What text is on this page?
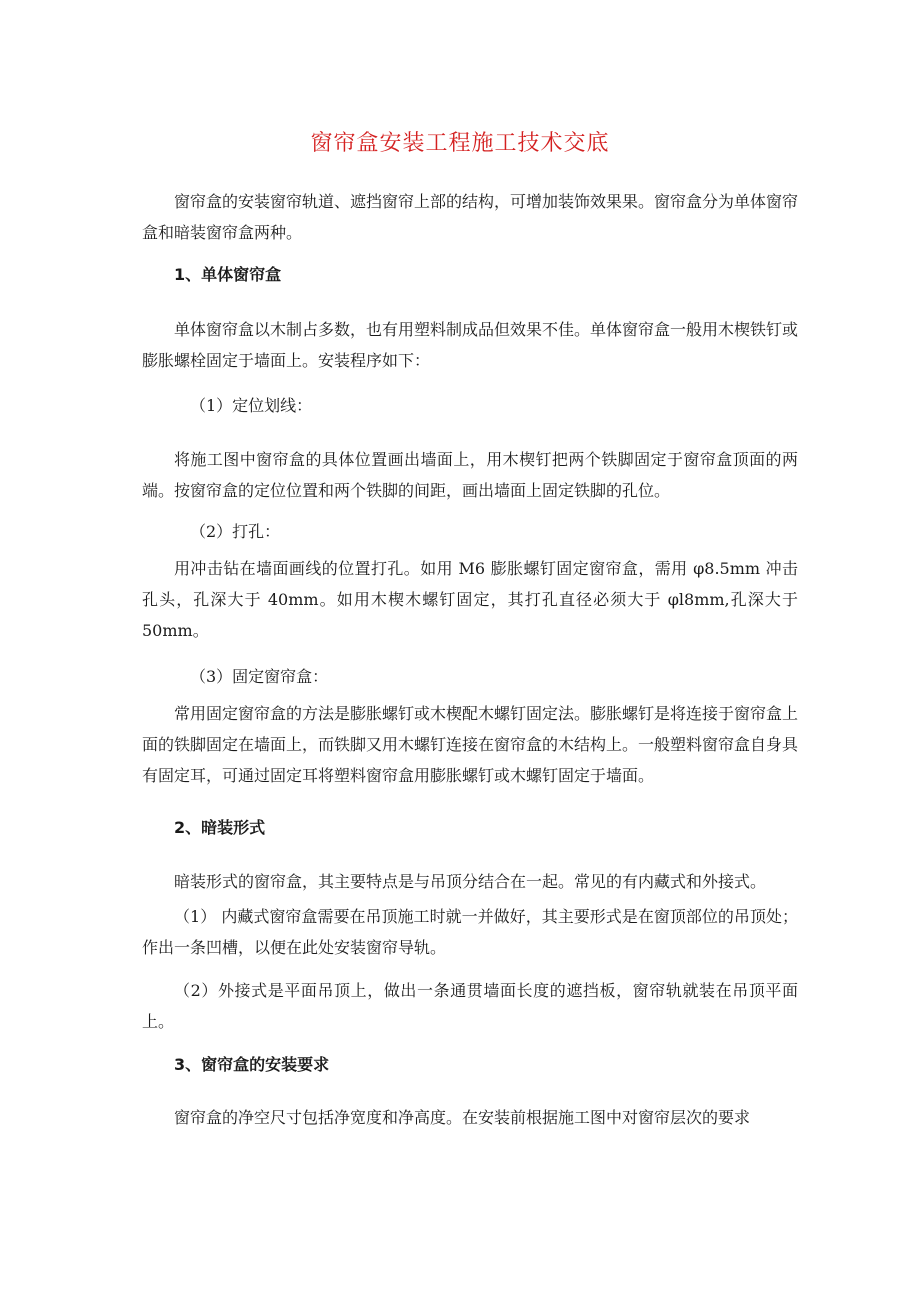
窗帘盒安装工程施工技术交底
窗帘盒的安装窗帘轨道、遮挡窗帘上部的结构，可增加装饰效果果。窗帘盒分为单体窗帘盒和暗装窗帘盒两种。
1、单体窗帘盒
单体窗帘盒以木制占多数，也有用塑料制成品但效果不佳。单体窗帘盒一般用木楔铁钉或膨胀螺栓固定于墙面上。安装程序如下：
（1）定位划线：
将施工图中窗帘盒的具体位置画出墙面上，用木楔钉把两个铁脚固定于窗帘盒顶面的两端。按窗帘盒的定位位置和两个铁脚的间距，画出墙面上固定铁脚的孔位。
（2）打孔：
用冲击钻在墙面画线的位置打孔。如用 M6 膨胀螺钉固定窗帘盒，需用 φ8.5mm 冲击孔头，孔深大于 40mm。如用木楔木螺钉固定，其打孔直径必须大于 φl8mm,孔深大于 50mm。
（3）固定窗帘盒：
常用固定窗帘盒的方法是膨胀螺钉或木楔配木螺钉固定法。膨胀螺钉是将连接于窗帘盒上面的铁脚固定在墙面上，而铁脚又用木螺钉连接在窗帘盒的木结构上。一般塑料窗帘盒自身具有固定耳，可通过固定耳将塑料窗帘盒用膨胀螺钉或木螺钉固定于墙面。
2、暗装形式
暗装形式的窗帘盒，其主要特点是与吊顶分结合在一起。常见的有内藏式和外接式。
（1） 内藏式窗帘盒需要在吊顶施工时就一并做好，其主要形式是在窗顶部位的吊顶处；作出一条凹槽，以便在此处安装窗帘导轨。
（2）外接式是平面吊顶上，做出一条通贯墙面长度的遮挡板，窗帘轨就装在吊顶平面上。
3、窗帘盒的安装要求
窗帘盒的净空尺寸包括净宽度和净高度。在安装前根据施工图中对窗帘层次的要求
